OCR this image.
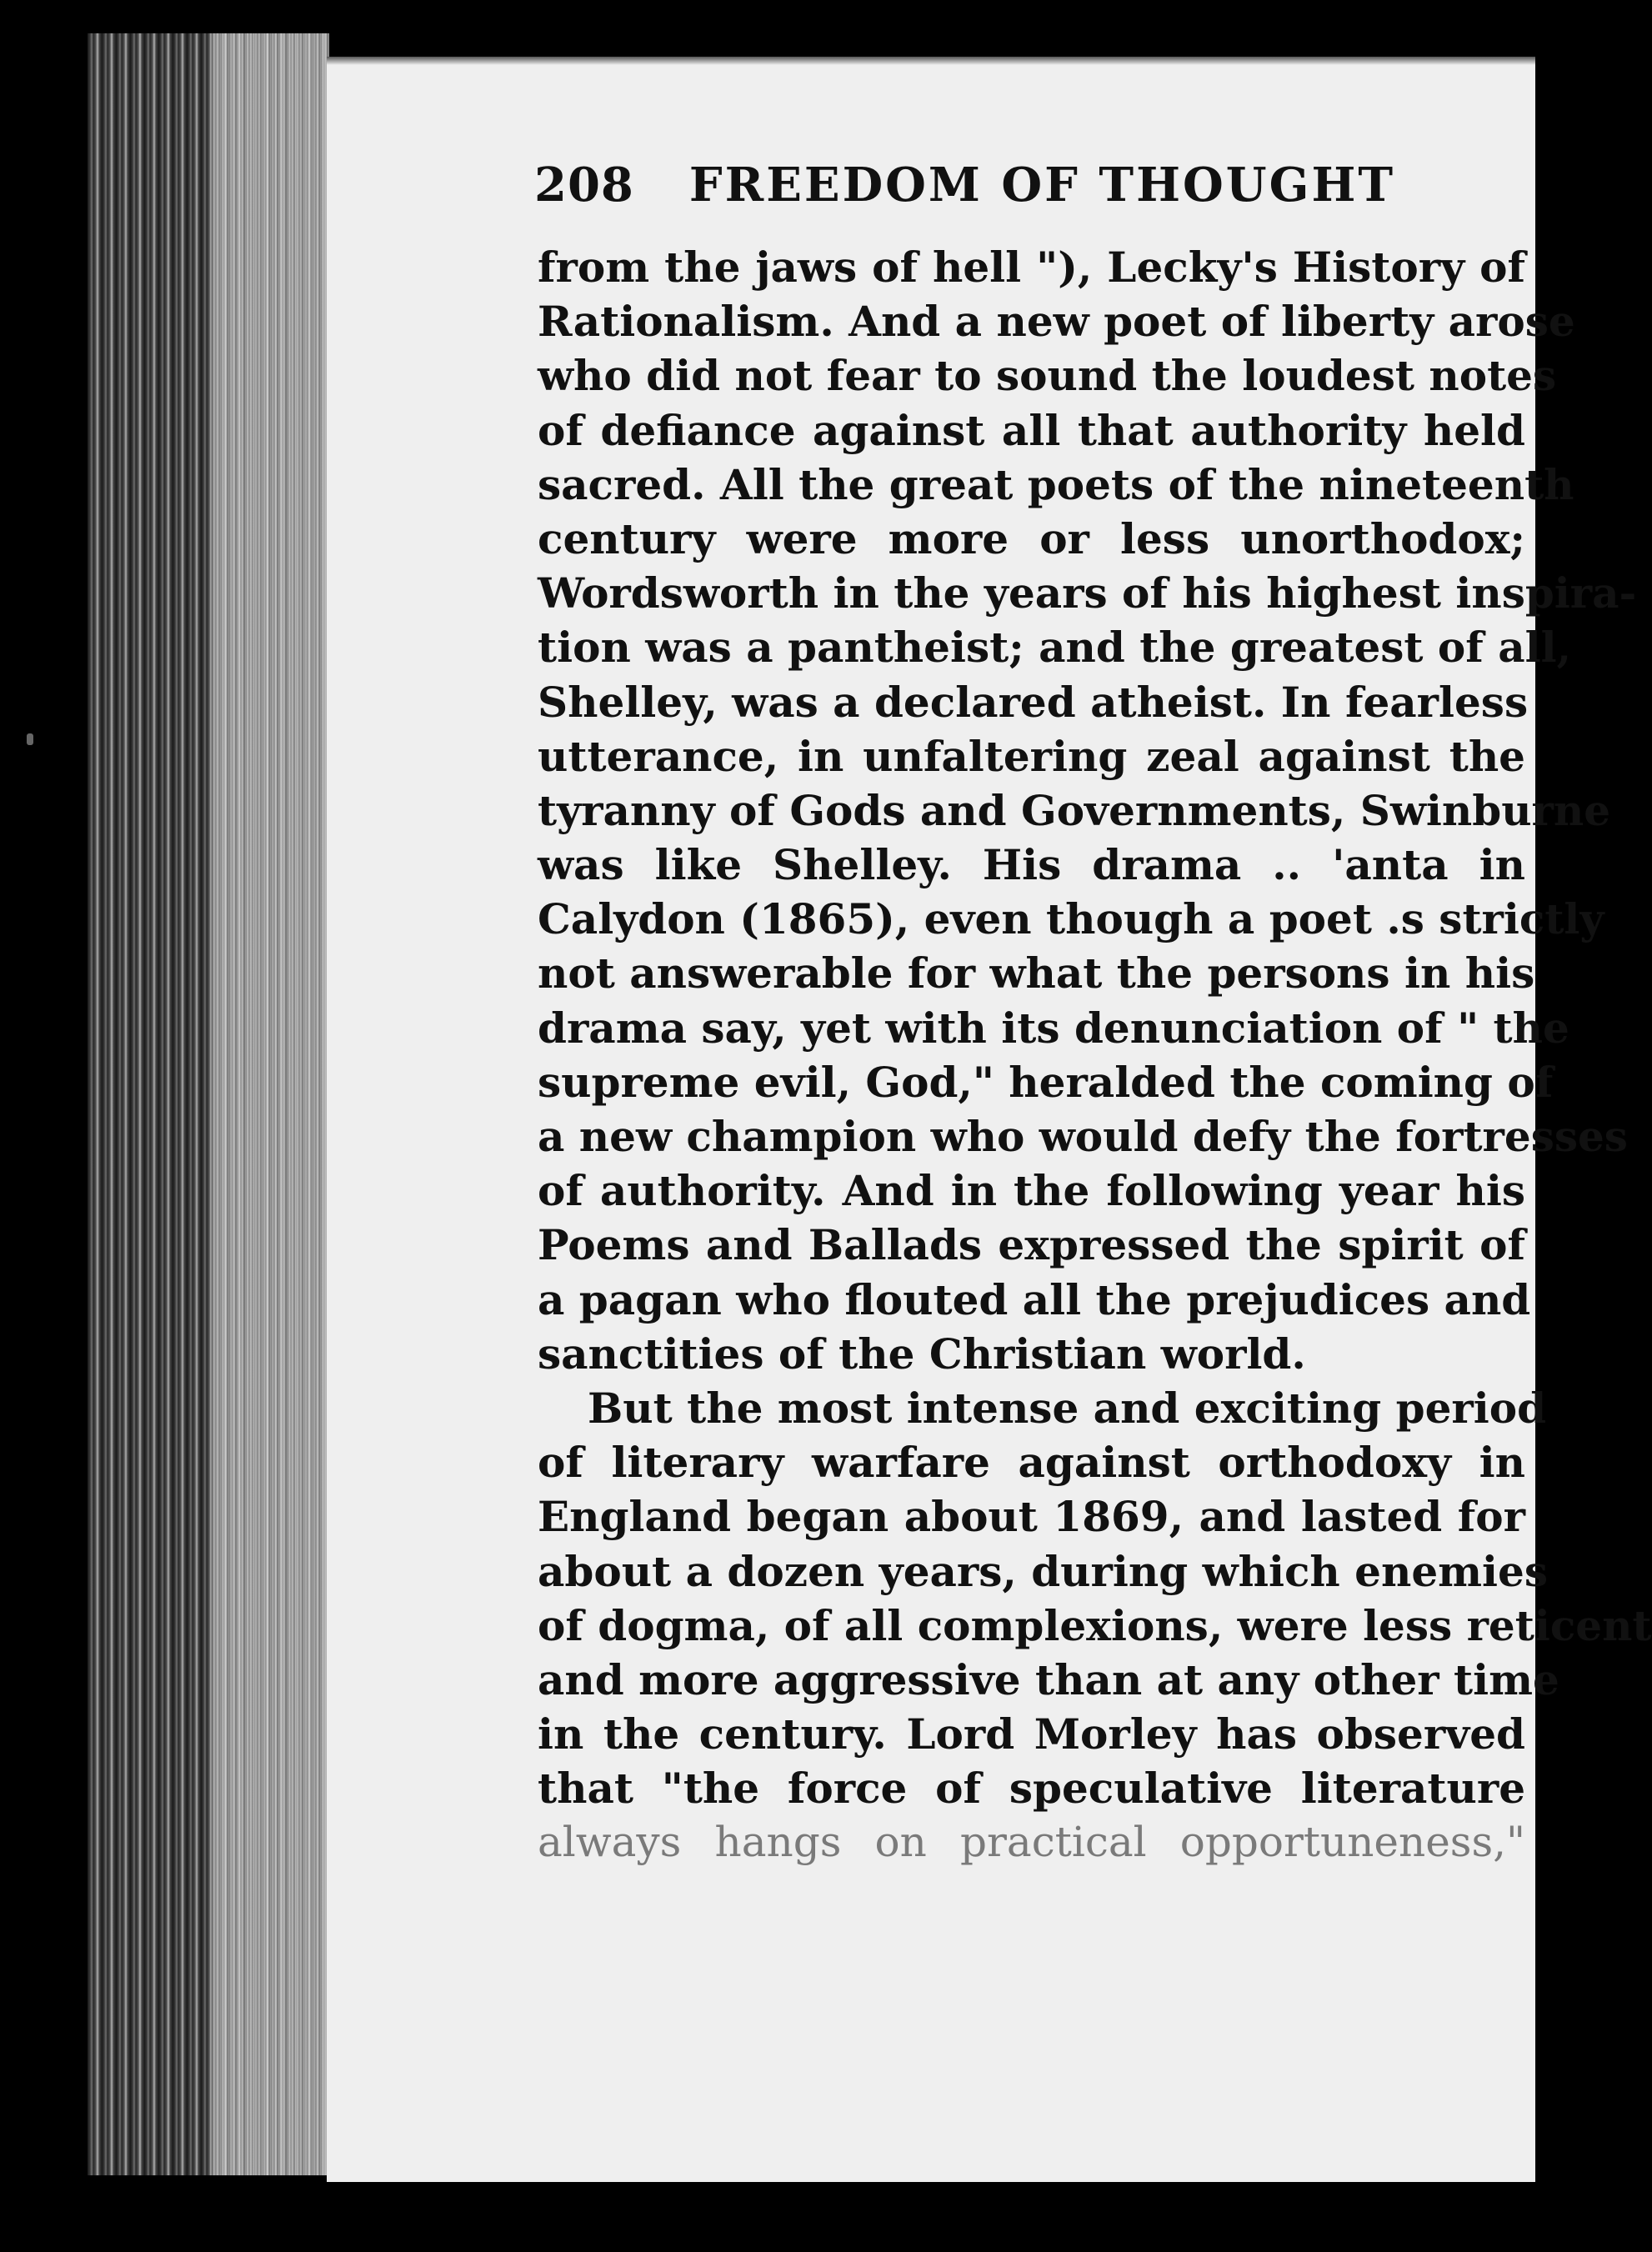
208 FREEDOM OF THOUGHT
from the jaws of hell "), Lecky's History of
Rationalism. And a new poet of liberty arose
who did not fear to sound the loudest notes
of defiance against all that authority held
sacred. All the great poets of the nineteenth
century were more or less unorthodox;
Wordsworth in the years of his highest inspira-
tion was a pantheist; and the greatest of all,
Shelley, was a declared atheist. In fearless
utterance, in unfaltering zeal against the
tyranny of Gods and Governments, Swinburne
was like Shelley. His drama .. 'anta in
Calydon (1865), even though a poet .s strictly
not answerable for what the persons in his
drama say, yet with its denunciation of " the
supreme evil, God," heralded the coming of
a new champion who would defy the fortresses
of authority. And in the following year his
Poems and Ballads expressed the spirit of
a pagan who flouted all the prejudices and
sanctities of the Christian world.
But the most intense and exciting period
of literary warfare against orthodoxy in
England began about 1869, and lasted for
about a dozen years, during which enemies
of dogma, of all complexions, were less reticent
and more aggressive than at any other time
in the century. Lord Morley has observed
that "the force of speculative literature
always hangs on practical opportuneness,"
